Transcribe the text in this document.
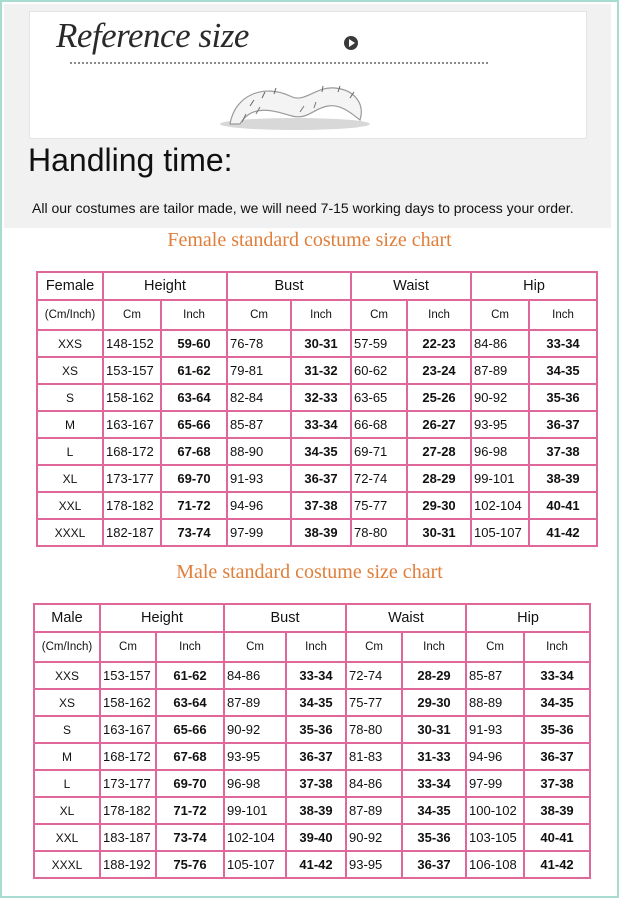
Reference size
Handling time:
All our costumes are tailor made, we will need 7-15 working days to process your order.
Female standard costume size chart
Female	Height		Bust		Waist		Hip	
(Cm/Inch)	Cm	Inch	Cm	Inch	Cm	Inch	Cm	Inch
XXS	148-152	59-60	76-78	30-31	57-59	22-23	84-86	33-34
XS	153-157	61-62	79-81	31-32	60-62	23-24	87-89	34-35
S	158-162	63-64	82-84	32-33	63-65	25-26	90-92	35-36
M	163-167	65-66	85-87	33-34	66-68	26-27	93-95	36-37
L	168-172	67-68	88-90	34-35	69-71	27-28	96-98	37-38
XL	173-177	69-70	91-93	36-37	72-74	28-29	99-101	38-39
XXL	178-182	71-72	94-96	37-38	75-77	29-30	102-104	40-41
XXXL	182-187	73-74	97-99	38-39	78-80	30-31	105-107	41-42
Male standard costume size chart
Male	Height		Bust		Waist		Hip	
(Cm/Inch)	Cm	Inch	Cm	Inch	Cm	Inch	Cm	Inch
XXS	153-157	61-62	84-86	33-34	72-74	28-29	85-87	33-34
XS	158-162	63-64	87-89	34-35	75-77	29-30	88-89	34-35
S	163-167	65-66	90-92	35-36	78-80	30-31	91-93	35-36
M	168-172	67-68	93-95	36-37	81-83	31-33	94-96	36-37
L	173-177	69-70	96-98	37-38	84-86	33-34	97-99	37-38
XL	178-182	71-72	99-101	38-39	87-89	34-35	100-102	38-39
XXL	183-187	73-74	102-104	39-40	90-92	35-36	103-105	40-41
XXXL	188-192	75-76	105-107	41-42	93-95	36-37	106-108	41-42
